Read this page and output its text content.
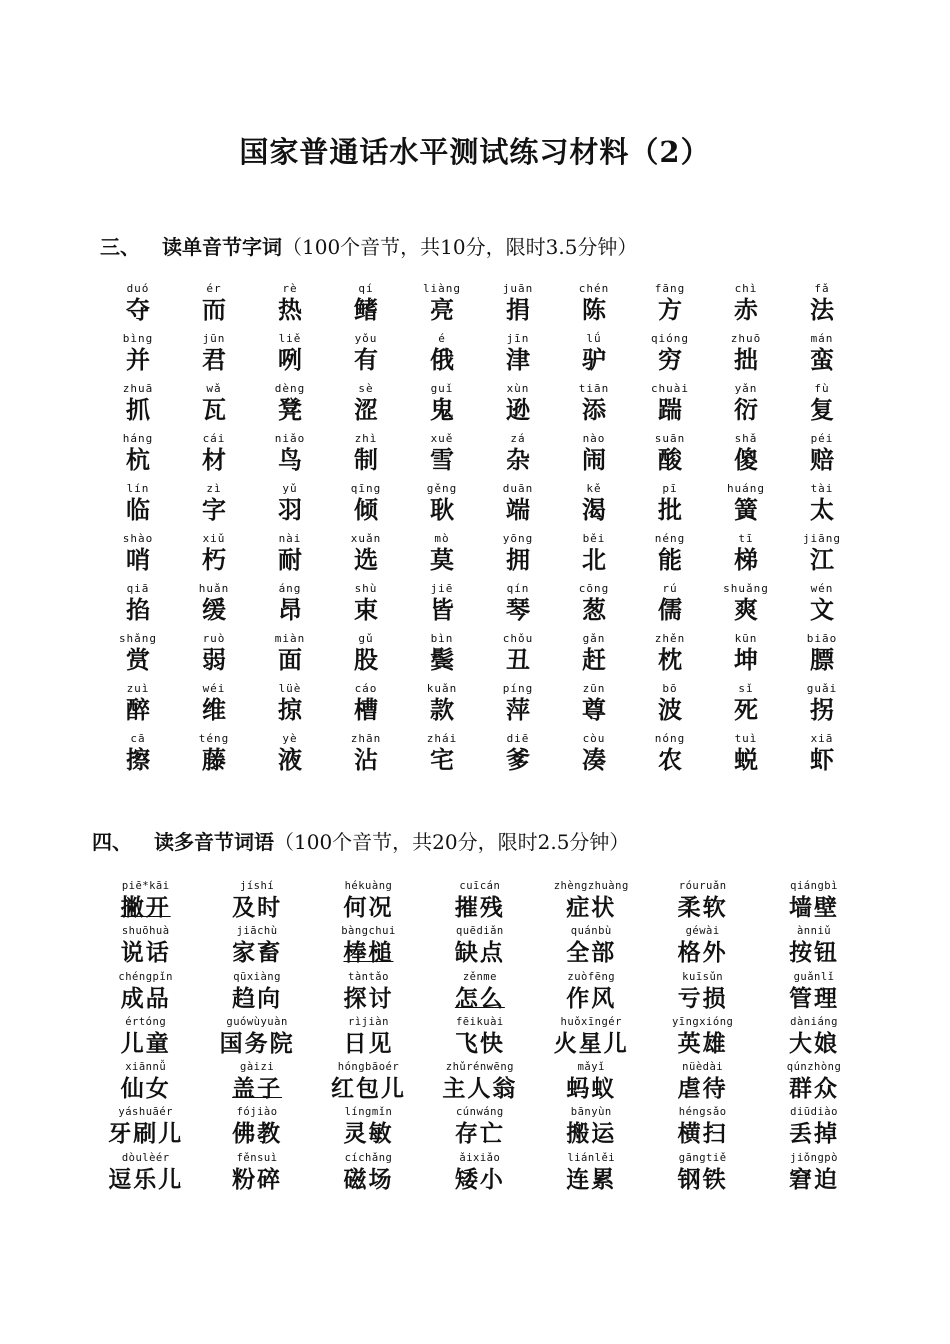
国家普通话水平测试练习材料（2）
三、 读单音节字词（100个音节，共10分，限时3.5分钟）
duó
夺
ér
而
rè
热
qí
鳍
liàng
亮
juān
捐
chén
陈
fāng
方
chì
赤
fǎ
法
bìng
并
jūn
君
liě
咧
yǒu
有
é
俄
jīn
津
lǘ
驴
qióng
穷
zhuō
拙
mán
蛮
zhuā
抓
wǎ
瓦
dèng
凳
sè
涩
guǐ
鬼
xùn
逊
tiān
添
chuài
踹
yǎn
衍
fù
复
háng
杭
cái
材
niǎo
鸟
zhì
制
xuě
雪
zá
杂
nào
闹
suān
酸
shǎ
傻
péi
赔
lín
临
zì
字
yǔ
羽
qīng
倾
gěng
耿
duān
端
kě
渴
pī
批
huáng
簧
tài
太
shào
哨
xiǔ
朽
nài
耐
xuǎn
选
mò
莫
yōng
拥
běi
北
néng
能
tī
梯
jiāng
江
qiā
掐
huǎn
缓
áng
昂
shù
束
jiē
皆
qín
琴
cōng
葱
rú
儒
shuǎng
爽
wén
文
shǎng
赏
ruò
弱
miàn
面
gǔ
股
bìn
鬓
chǒu
丑
gǎn
赶
zhěn
枕
kūn
坤
biāo
膘
zuì
醉
wéi
维
lüè
掠
cáo
槽
kuǎn
款
píng
萍
zūn
尊
bō
波
sǐ
死
guǎi
拐
cā
擦
téng
藤
yè
液
zhān
沾
zhái
宅
diē
爹
còu
凑
nóng
农
tuì
蜕
xiā
虾
四、 读多音节词语（100个音节，共20分，限时2.5分钟）
piē*kāi
撇开
jíshí
及时
hékuàng
何况
cuīcán
摧残
zhèngzhuàng
症状
róuruǎn
柔软
qiángbì
墙壁
shuōhuà
说话
jiāchù
家畜
bàngchui
棒槌
quēdiǎn
缺点
quánbù
全部
géwài
格外
ànniǔ
按钮
chéngpǐn
成品
qūxiàng
趋向
tàntǎo
探讨
zěnme
怎么
zuòfēng
作风
kuīsǔn
亏损
guǎnlǐ
管理
értóng
儿童
guówùyuàn
国务院
rìjiàn
日见
fēikuài
飞快
huǒxīngér
火星儿
yīngxióng
英雄
dàniáng
大娘
xiānnǚ
仙女
gàizi
盖子
hóngbāoér
红包儿
zhǔrénwēng
主人翁
mǎyǐ
蚂蚁
nüèdài
虐待
qúnzhòng
群众
yáshuāér
牙刷儿
fójiào
佛教
língmǐn
灵敏
cúnwáng
存亡
bānyùn
搬运
héngsǎo
横扫
diūdiào
丢掉
dòulèér
逗乐儿
fěnsuì
粉碎
cíchǎng
磁场
ǎixiǎo
矮小
liánlěi
连累
gāngtiě
钢铁
jiǒngpò
窘迫
